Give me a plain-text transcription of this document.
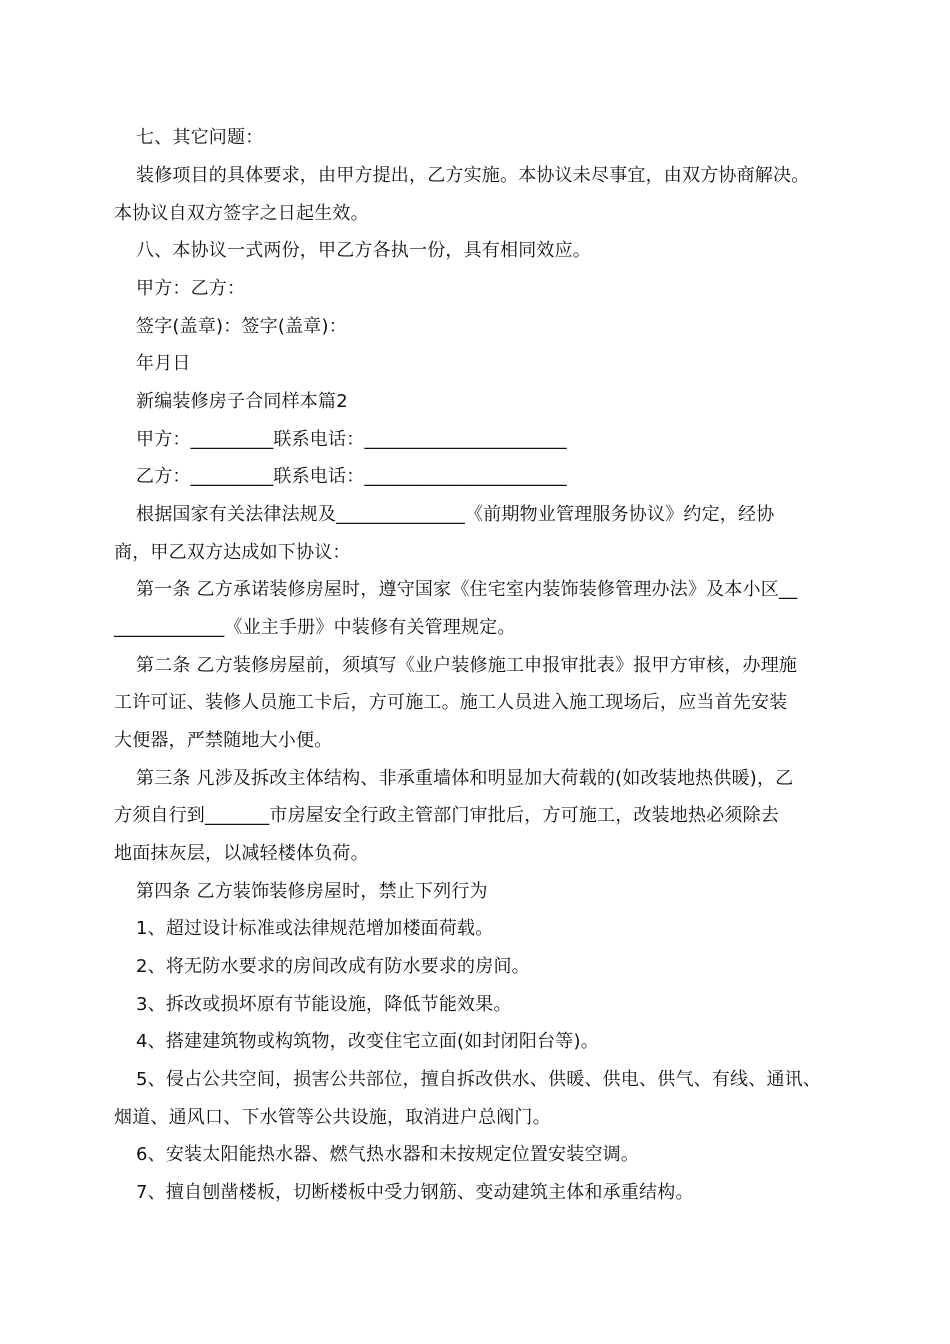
七、其它问题：
装修项目的具体要求，由甲方提出，乙方实施。本协议未尽事宜，由双方协商解决。
本协议自双方签字之日起生效。
八、本协议一式两份，甲乙方各执一份，具有相同效应。
甲方：乙方：
签字(盖章)：签字(盖章)：
年月日
新编装修房子合同样本篇2
甲方：_________联系电话：______________________
乙方：_________联系电话：______________________
根据国家有关法律法规及______________《前期物业管理服务协议》约定，经协
商，甲乙双方达成如下协议：
第一条 乙方承诺装修房屋时，遵守国家《住宅室内装饰装修管理办法》及本小区__
____________《业主手册》中装修有关管理规定。
第二条 乙方装修房屋前，须填写《业户装修施工申报审批表》报甲方审核，办理施
工许可证、装修人员施工卡后，方可施工。施工人员进入施工现场后，应当首先安装
大便器，严禁随地大小便。
第三条 凡涉及拆改主体结构、非承重墙体和明显加大荷载的(如改装地热供暖)，乙
方须自行到_______市房屋安全行政主管部门审批后，方可施工，改装地热必须除去
地面抹灰层，以减轻楼体负荷。
第四条 乙方装饰装修房屋时，禁止下列行为
1、超过设计标准或法律规范增加楼面荷载。
2、将无防水要求的房间改成有防水要求的房间。
3、拆改或损坏原有节能设施，降低节能效果。
4、搭建建筑物或构筑物，改变住宅立面(如封闭阳台等)。
5、侵占公共空间，损害公共部位，擅自拆改供水、供暖、供电、供气、有线、通讯、
烟道、通风口、下水管等公共设施，取消进户总阀门。
6、安装太阳能热水器、燃气热水器和未按规定位置安装空调。
7、擅自刨凿楼板，切断楼板中受力钢筋、变动建筑主体和承重结构。
